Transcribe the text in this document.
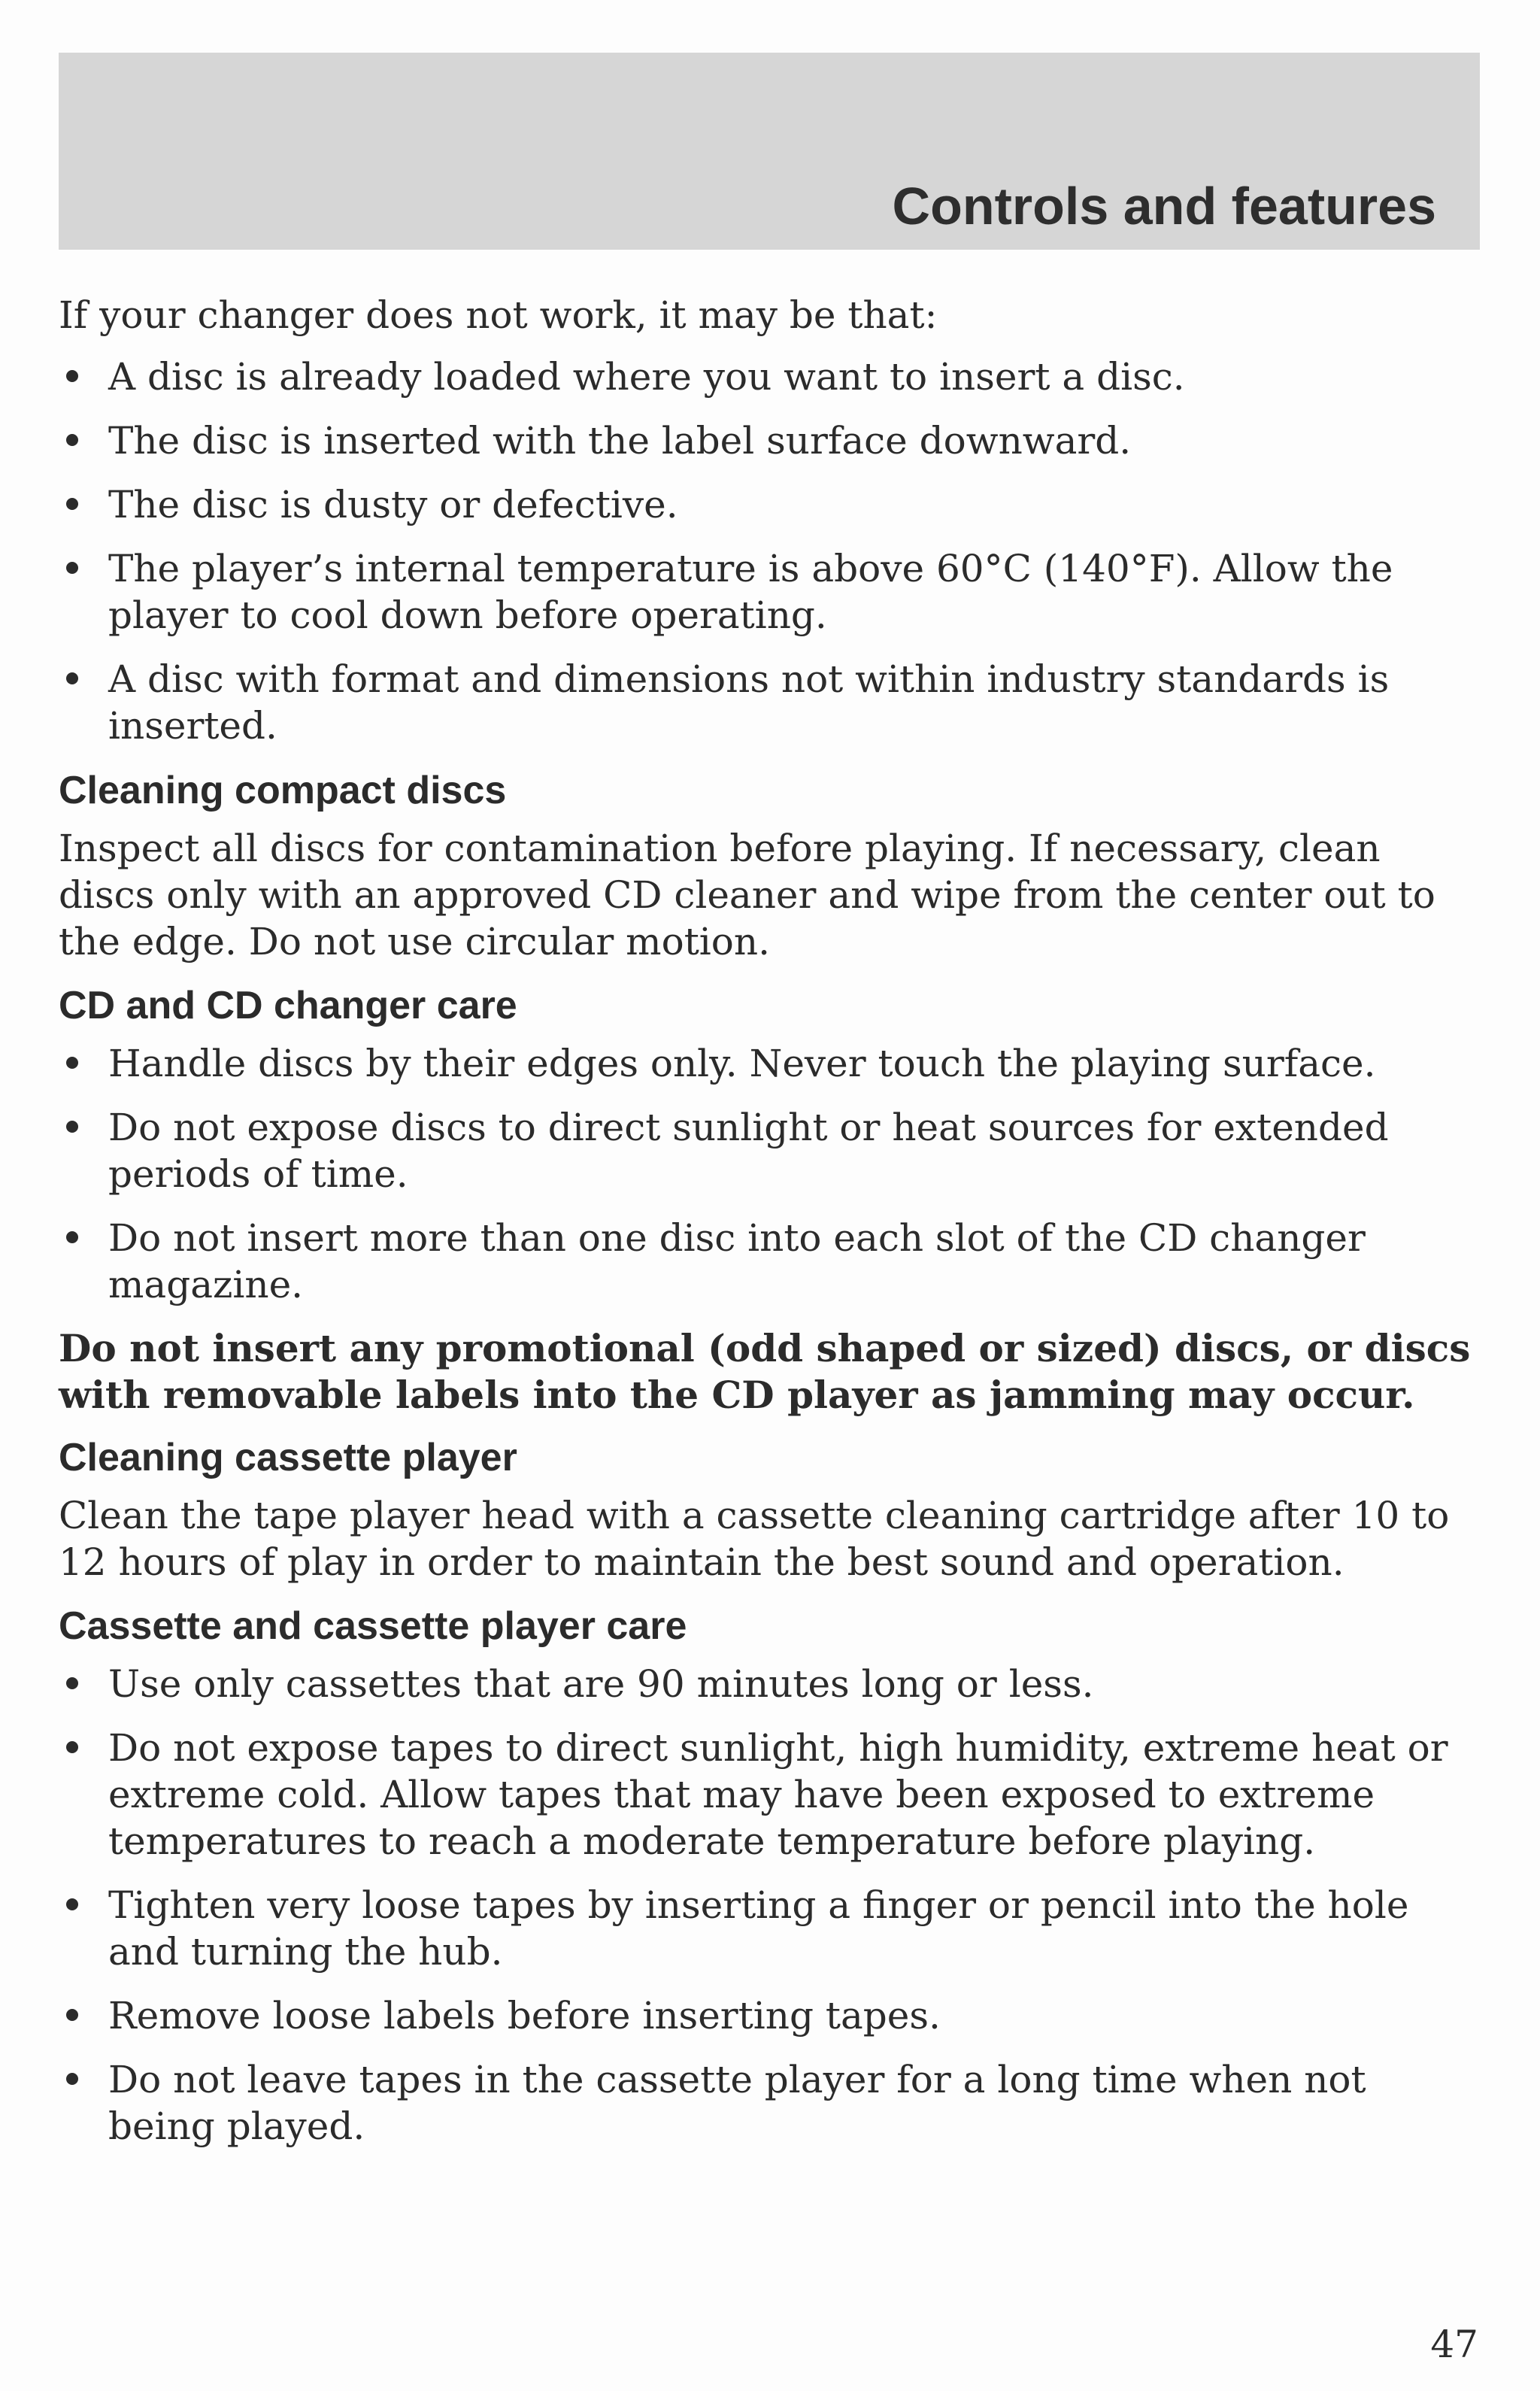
Controls and features

If your changer does not work, it may be that:

A disc is already loaded where you want to insert a disc.
The disc is inserted with the label surface downward.
The disc is dusty or defective.
The player’s internal temperature is above 60°C (140°F). Allow the player to cool down before operating.
A disc with format and dimensions not within industry standards is inserted.
Cleaning compact discs

Inspect all discs for contamination before playing. If necessary, clean discs only with an approved CD cleaner and wipe from the center out to the edge. Do not use circular motion.

CD and CD changer care
Handle discs by their edges only. Never touch the playing surface.
Do not expose discs to direct sunlight or heat sources for extended periods of time.
Do not insert more than one disc into each slot of the CD changer magazine.

Do not insert any promotional (odd shaped or sized) discs, or discs with removable labels into the CD player as jamming may occur.

Cleaning cassette player

Clean the tape player head with a cassette cleaning cartridge after 10 to 12 hours of play in order to maintain the best sound and operation.

Cassette and cassette player care
Use only cassettes that are 90 minutes long or less.
Do not expose tapes to direct sunlight, high humidity, extreme heat or extreme cold. Allow tapes that may have been exposed to extreme temperatures to reach a moderate temperature before playing.
Tighten very loose tapes by inserting a finger or pencil into the hole and turning the hub.
Remove loose labels before inserting tapes.
Do not leave tapes in the cassette player for a long time when not being played.
47
